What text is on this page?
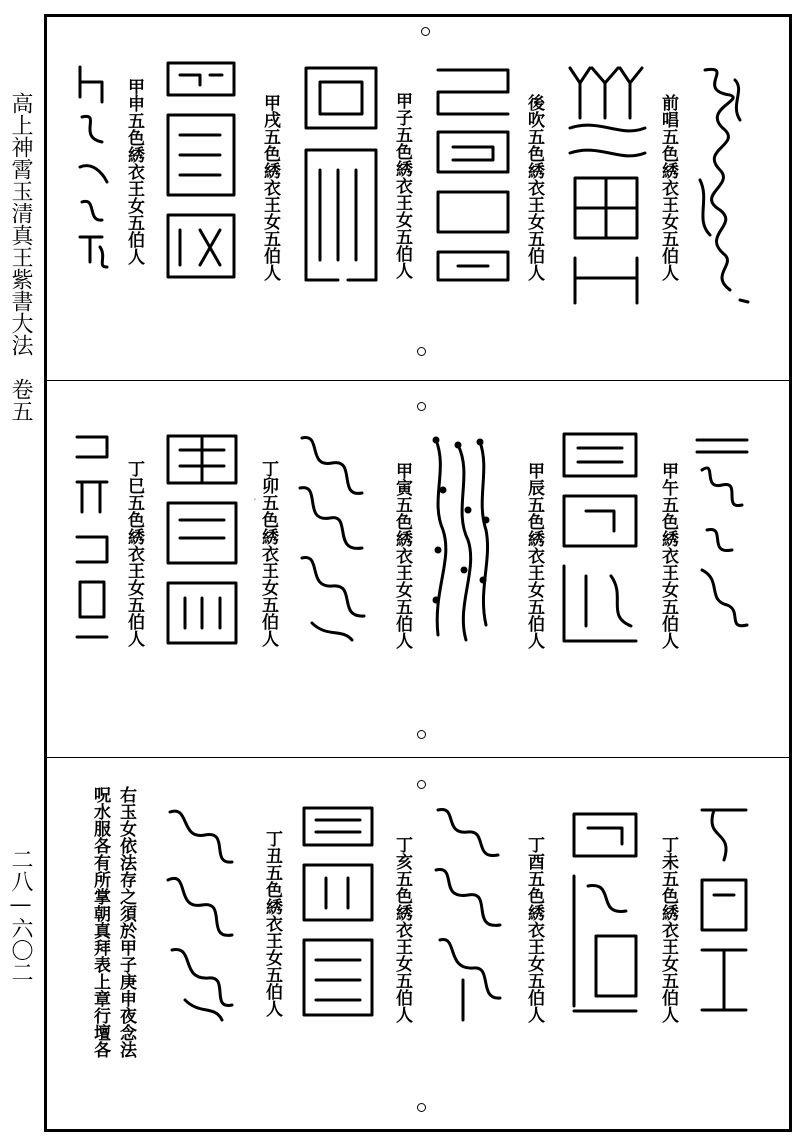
高上神霄玉清真王紫書大法　卷五
二八—六〇二
前唱五色綉衣王女五伯人
後吹五色綉衣王女五伯人
甲子五色綉衣王女五伯人
甲戌五色綉衣王女五伯人
甲申五色綉衣王女五伯人
甲午五色綉衣王女五伯人
甲辰五色綉衣王女五伯人
甲寅五色綉衣王女五伯人
丁卯五色綉衣王女五伯人
丁巳五色綉衣王女五伯人	⸱
丁未五色綉衣王女五伯人
丁酉五色綉衣王女五伯人
丁亥五色綉衣王女五伯人
丁丑五色綉衣王女五伯人
右玉女依法存之須於甲子庚申夜念法
呪水服各有所掌朝真拜表上章行壇各
